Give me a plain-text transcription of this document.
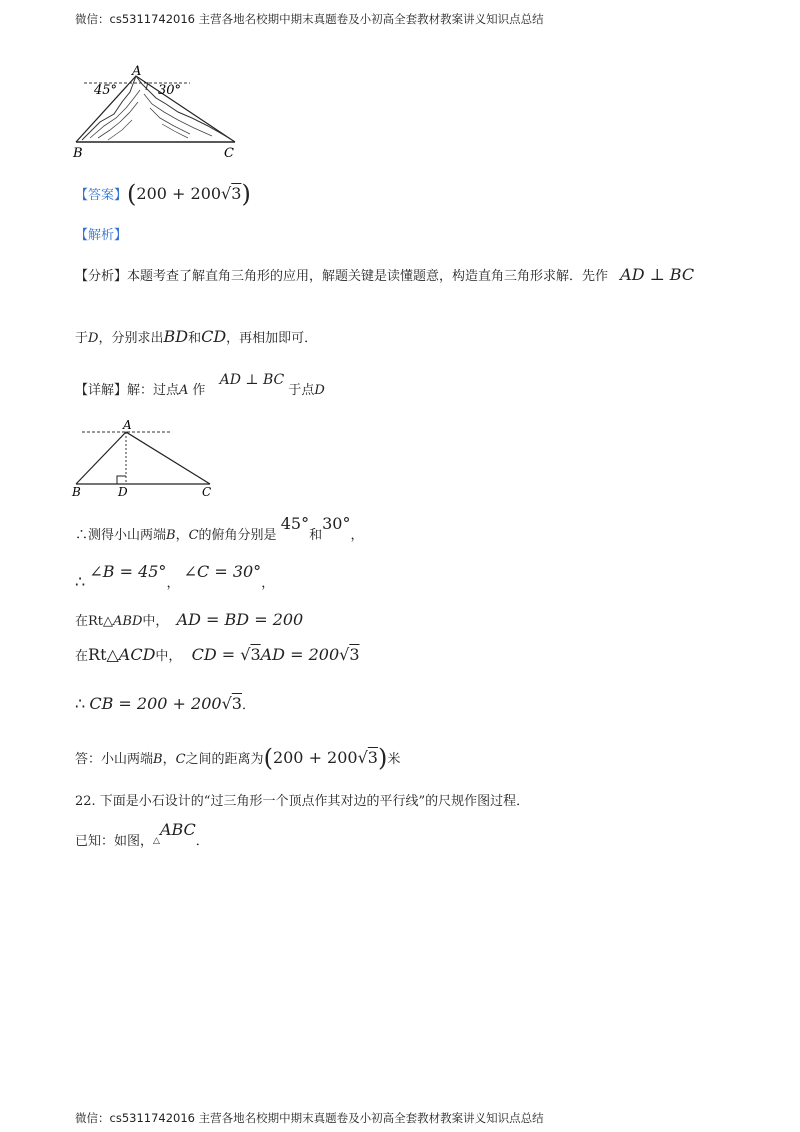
微信：cs5311742016 主营各地名校期中期末真题卷及小初高全套教材教案讲义知识点总结
A
45°	30°
B	C
【答案】(200 + 200√3)
【解析】
【分析】本题考查了解直角三角形的应用，解题关键是读懂题意，构造直角三角形求解．先作 AD ⊥ BC
于D，分别求出BD和CD，再相加即可．
【详解】解：过点A 作 AD ⊥ BC 于点D
A
B	D	C
∴测得小山两端B，C的俯角分别是 45°和30°，
∴ ∠B = 45°， ∠C = 30°，
在Rt△ABD中， AD = BD = 200
在Rt△ACD中， CD = √3AD = 200√3
∴ CB = 200 + 200√3．
答：小山两端B，C之间的距离为(200 + 200√3)米
22. 下面是小石设计的“过三角形一个顶点作其对边的平行线”的尺规作图过程．
已知：如图，△ABC．
微信：cs5311742016 主营各地名校期中期末真题卷及小初高全套教材教案讲义知识点总结
